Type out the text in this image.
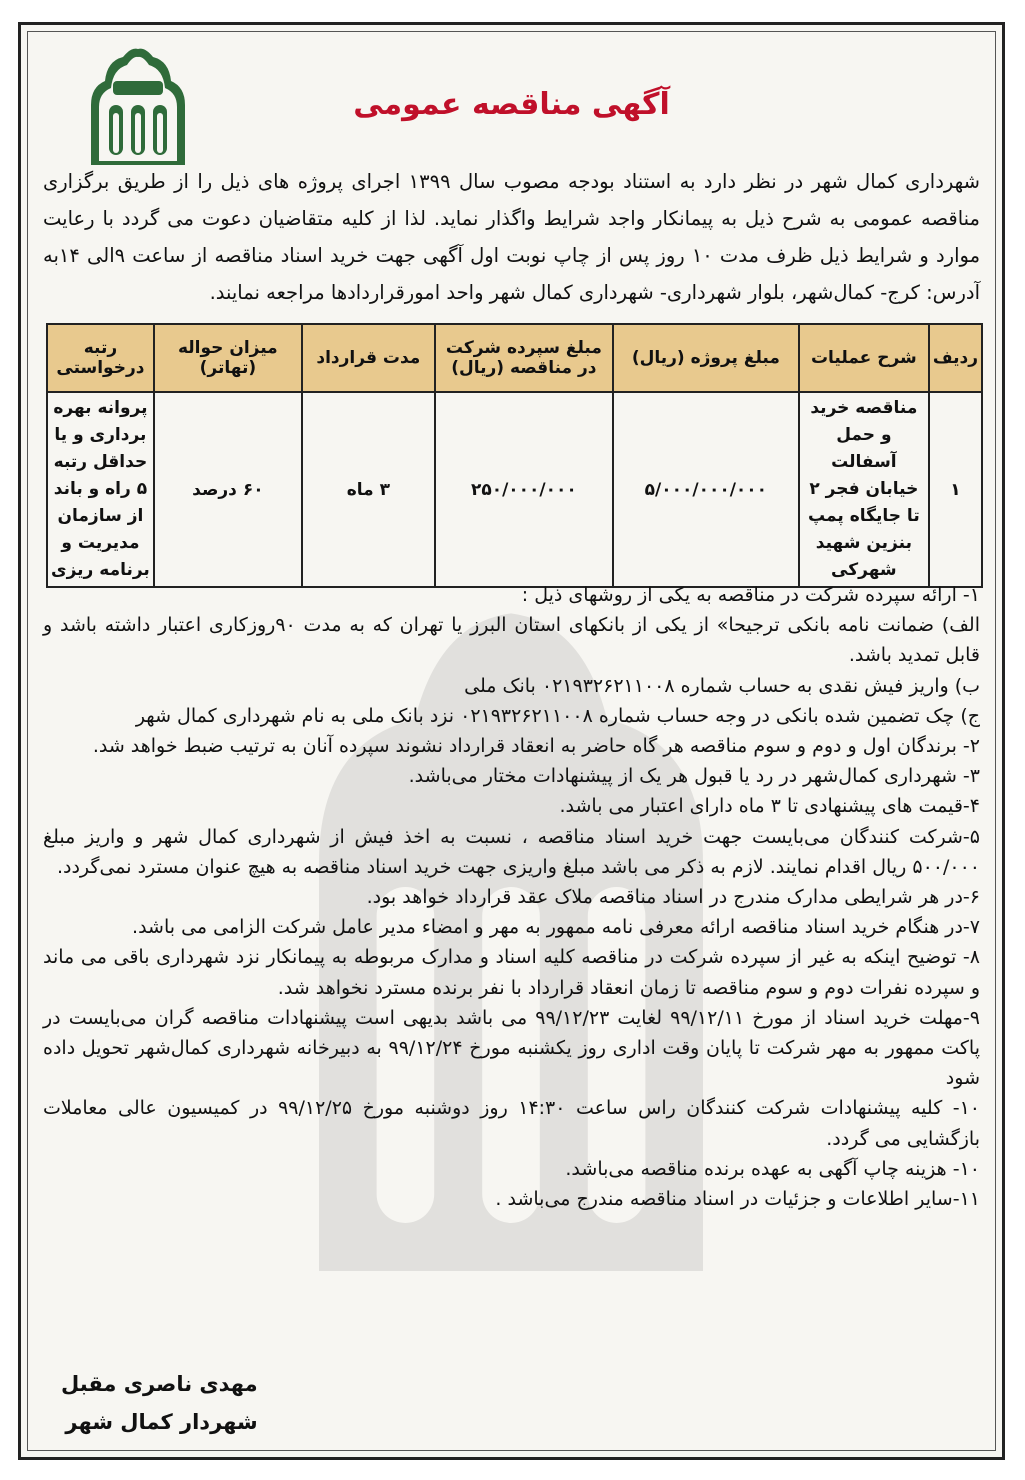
آگهی مناقصه عمومی
شهرداری کمال شهر در نظر دارد به استناد بودجه مصوب سال ۱۳۹۹ اجرای پروژه های ذیل را از طریق برگزاری مناقصه عمومی به شرح ذیل به پیمانکار واجد شرایط واگذار نماید. لذا از کلیه متقاضیان دعوت می گردد با رعایت موارد و شرایط ذیل ظرف مدت ۱۰ روز پس از چاپ نوبت اول آگهی جهت خرید اسناد مناقصه از ساعت ۹الی ۱۴به آدرس: کرج- کمال‌شهر، بلوار شهرداری- شهرداری کمال شهر واحد امورقراردادها مراجعه نمایند.
ردیف	شرح عملیات	مبلغ پروژه (ریال)	مبلغ سپرده شرکت در مناقصه (ریال)	مدت قرارداد	میزان حواله (تهاتر)	رتبه درخواستی
۱	مناقصه خرید و حمل آسفالت خیابان فجر ۲ تا جایگاه پمپ بنزین شهید شهرکی	۵/۰۰۰/۰۰۰/۰۰۰	۲۵۰/۰۰۰/۰۰۰	۳ ماه	۶۰ درصد	پروانه بهره برداری و یا حداقل رتبه ۵ راه و باند از سازمان مدیریت و برنامه ریزی

۱- ارائه سپرده شرکت در مناقصه به یکی از روشهای ذیل :

الف) ضمانت نامه بانکی ترجیحا» از یکی از بانکهای استان البرز یا تهران که به مدت ۹۰روزکاری اعتبار داشته باشد و قابل تمدید باشد.

ب) واریز فیش نقدی به حساب شماره ۰۲۱۹۳۲۶۲۱۱۰۰۸ بانک ملی

ج) چک تضمین شده بانکی در وجه حساب شماره ۰۲۱۹۳۲۶۲۱۱۰۰۸ نزد بانک ملی به نام شهرداری کمال شهر

۲- برندگان اول و دوم و سوم مناقصه هر گاه حاضر به انعقاد قرارداد نشوند سپرده آنان به ترتیب ضبط خواهد شد.

۳- شهرداری کمال‌شهر در رد یا قبول هر یک از پیشنهادات مختار می‌باشد.

۴-قیمت های پیشنهادی تا ۳ ماه دارای اعتبار می باشد.

۵-شرکت کنندگان می‌بایست جهت خرید اسناد مناقصه ، نسبت به اخذ فیش از شهرداری کمال شهر و واریز مبلغ ۵۰۰/۰۰۰ ریال اقدام نمایند. لازم به ذکر می باشد مبلغ واریزی جهت خرید اسناد مناقصه به هیچ عنوان مسترد نمی‌گردد.

۶-در هر شرایطی مدارک مندرج در اسناد مناقصه ملاک عقد قرارداد خواهد بود.

۷-در هنگام خرید اسناد مناقصه ارائه معرفی نامه ممهور به مهر و امضاء مدیر عامل شرکت الزامی می باشد.

۸- توضیح اینکه به غیر از سپرده شرکت در مناقصه کلیه اسناد و مدارک مربوطه به پیمانکار نزد شهرداری باقی می ماند و سپرده نفرات دوم و سوم مناقصه تا زمان انعقاد قرارداد با نفر برنده مسترد نخواهد شد.

۹-مهلت خرید اسناد از مورخ ۹۹/۱۲/۱۱ لغایت ۹۹/۱۲/۲۳ می باشد بدیهی است پیشنهادات مناقصه گران می‌بایست در پاکت ممهور به مهر شرکت تا پایان وقت اداری روز یکشنبه مورخ ۹۹/۱۲/۲۴ به دبیرخانه شهرداری کمال‌شهر تحویل داده شود

۱۰- کلیه پیشنهادات شرکت کنندگان راس ساعت ۱۴:۳۰ روز دوشنبه مورخ ۹۹/۱۲/۲۵ در کمیسیون عالی معاملات بازگشایی می گردد.

۱۰- هزینه چاپ آگهی به عهده برنده مناقصه می‌باشد.

۱۱-سایر اطلاعات و جزئیات در اسناد مناقصه مندرج می‌باشد .

مهدی ناصری مقبل
شهردار کمال شهر
